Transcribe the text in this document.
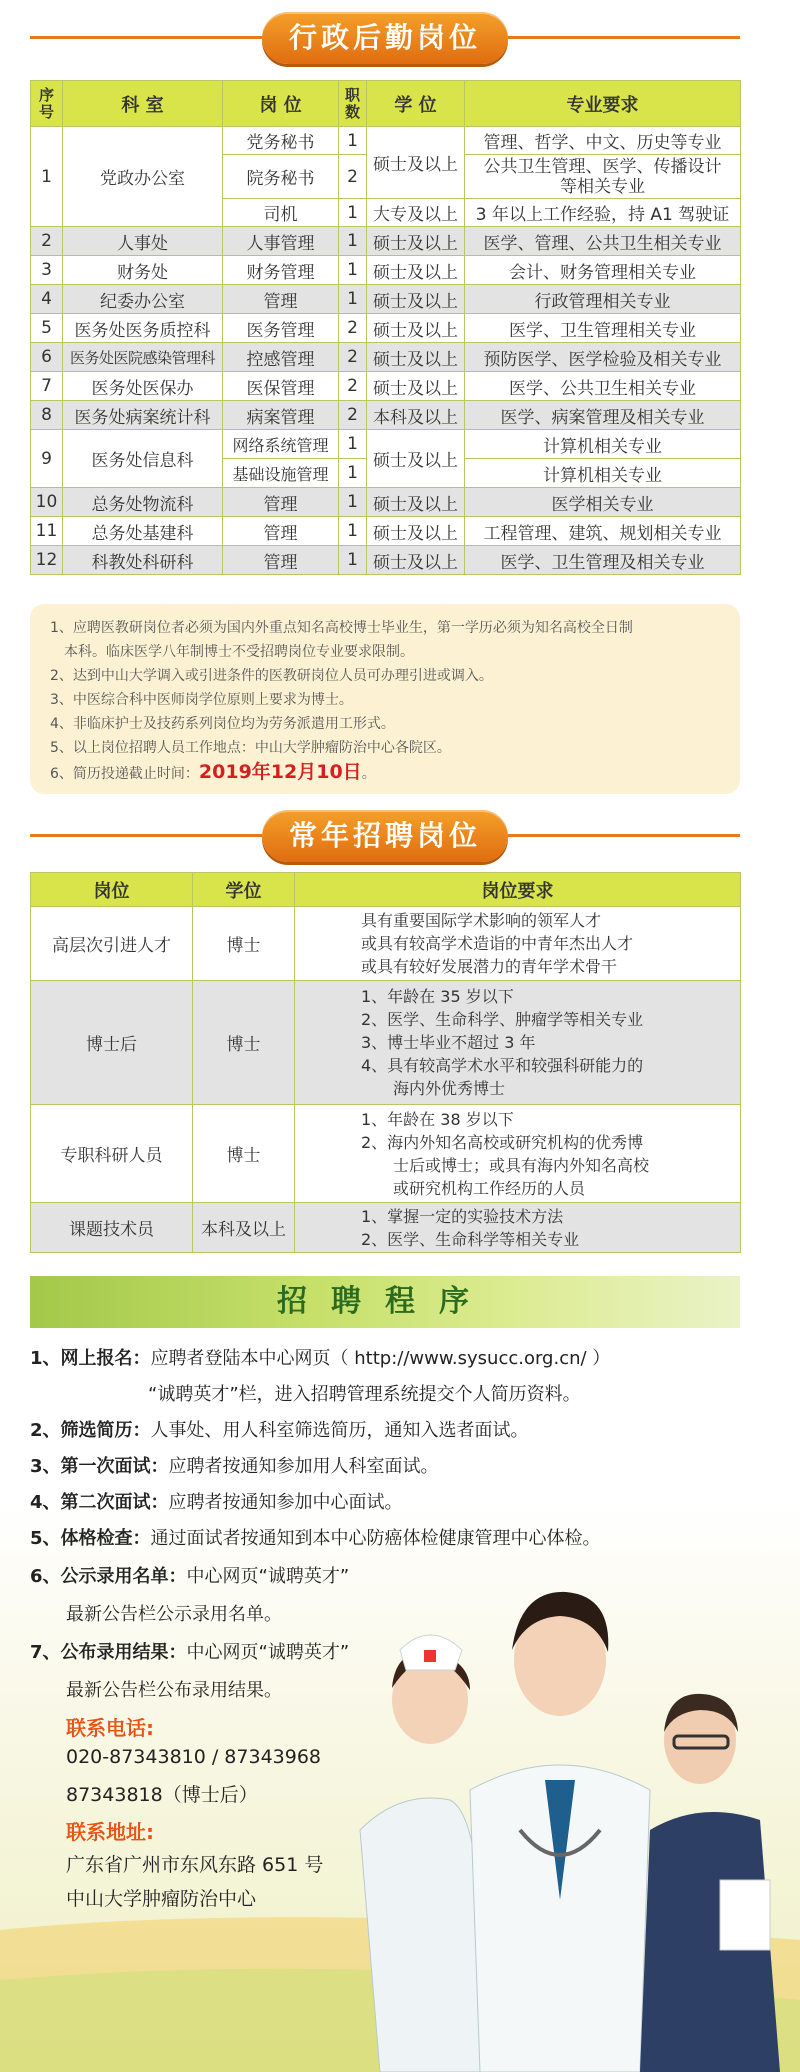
行政后勤岗位
序号	科 室	岗 位	职数	学 位	专业要求
1	党政办公室	党务秘书	1	硕士及以上	管理、哲学、中文、历史等专业
		院务秘书	2		公共卫生管理、医学、传播设计等相关专业
		司机	1	大专及以上	3 年以上工作经验，持 A1 驾驶证
2	人事处	人事管理	1	硕士及以上	医学、管理、公共卫生相关专业
3	财务处	财务管理	1	硕士及以上	会计、财务管理相关专业
4	纪委办公室	管理	1	硕士及以上	行政管理相关专业
5	医务处医务质控科	医务管理	2	硕士及以上	医学、卫生管理相关专业
6	医务处医院感染管理科	控感管理	2	硕士及以上	预防医学、医学检验及相关专业
7	医务处医保办	医保管理	2	硕士及以上	医学、公共卫生相关专业
8	医务处病案统计科	病案管理	2	本科及以上	医学、病案管理及相关专业
9	医务处信息科	网络系统管理	1	硕士及以上	计算机相关专业
		基础设施管理	1		计算机相关专业
10	总务处物流科	管理	1	硕士及以上	医学相关专业
11	总务处基建科	管理	1	硕士及以上	工程管理、建筑、规划相关专业
12	科教处科研科	管理	1	硕士及以上	医学、卫生管理及相关专业
1、应聘医教研岗位者必须为国内外重点知名高校博士毕业生，第一学历必须为知名高校全日制
本科。临床医学八年制博士不受招聘岗位专业要求限制。
2、达到中山大学调入或引进条件的医教研岗位人员可办理引进或调入。
3、中医综合科中医师岗学位原则上要求为博士。
4、非临床护士及技药系列岗位均为劳务派遣用工形式。
5、以上岗位招聘人员工作地点：中山大学肿瘤防治中心各院区。
6、简历投递截止时间：2019年12月10日。
常年招聘岗位
岗位	学位	岗位要求
高层次引进人才	博士	具有重要国际学术影响的领军人才
或具有较高学术造诣的中青年杰出人才
或具有较好发展潜力的青年学术骨干

博士后	博士	1、年龄在 35 岁以下
2、医学、生命科学、肿瘤学等相关专业
3、博士毕业不超过 3 年
4、具有较高学术水平和较强科研能力的
海内外优秀博士

专职科研人员	博士	1、年龄在 38 岁以下
2、海内外知名高校或研究机构的优秀博
士后或博士；或具有海内外知名高校
或研究机构工作经历的人员

课题技术员	本科及以上	1、掌握一定的实验技术方法
2、医学、生命科学等相关专业
招聘程序
1、网上报名：应聘者登陆本中心网页（ http://www.sysucc.org.cn/ ）
“诚聘英才”栏，进入招聘管理系统提交个人简历资料。
2、筛选简历：人事处、用人科室筛选简历，通知入选者面试。
3、第一次面试：应聘者按通知参加用人科室面试。
4、第二次面试：应聘者按通知参加中心面试。
5、体格检查：通过面试者按通知到本中心防癌体检健康管理中心体检。
6、公示录用名单：中心网页“诚聘英才”
最新公告栏公示录用名单。
7、公布录用结果：中心网页“诚聘英才”
最新公告栏公布录用结果。
联系电话:
020-87343810 / 87343968
87343818（博士后）
联系地址:
广东省广州市东风东路 651 号
中山大学肿瘤防治中心
